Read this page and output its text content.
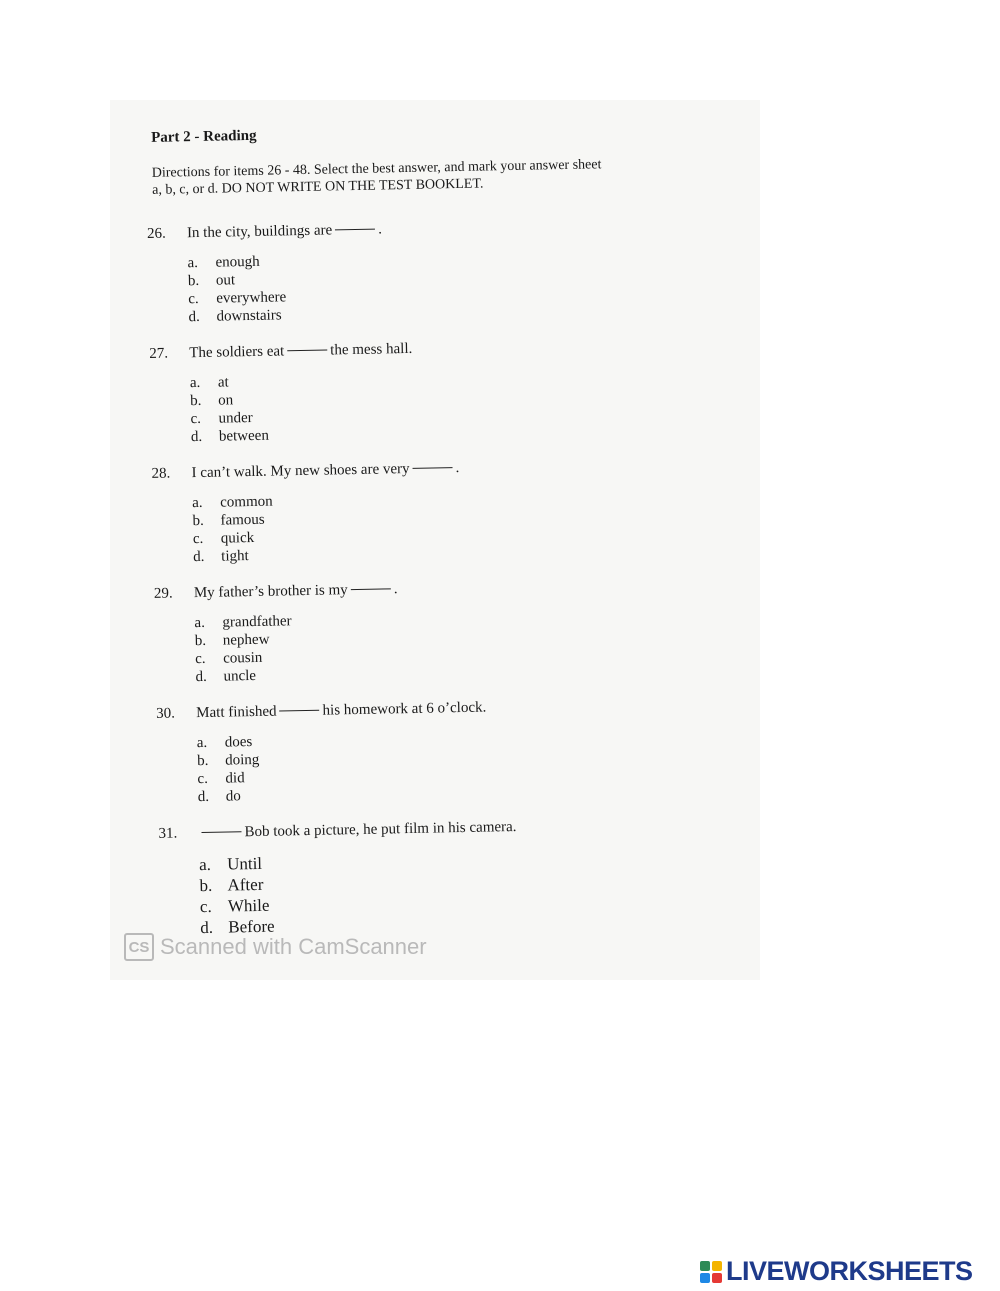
Part 2 - Reading
Directions for items 26 - 48. Select the best answer, and mark your answer sheet
a, b, c, or d. DO NOT WRITE ON THE TEST BOOKLET.
26.	In the city, buildings are	.
a.	enough
b.	out
c.	everywhere
d.	downstairs
27.	The soldiers eat	the mess hall.
a.	at
b.	on
c.	under
d.	between
28.	I can’t walk. My new shoes are very	.
a.	common
b.	famous
c.	quick
d.	tight
29.	My father’s brother is my	.
a.	grandfather
b.	nephew
c.	cousin
d.	uncle
30.	Matt finished	his homework at 6 o’clock.
a.	does
b.	doing
c.	did
d.	do
31.	Bob took a picture, he put film in his camera.
a. Until
b. After
c. While
d. Before
CS Scanned with CamScanner
LIVEWORKSHEETS
